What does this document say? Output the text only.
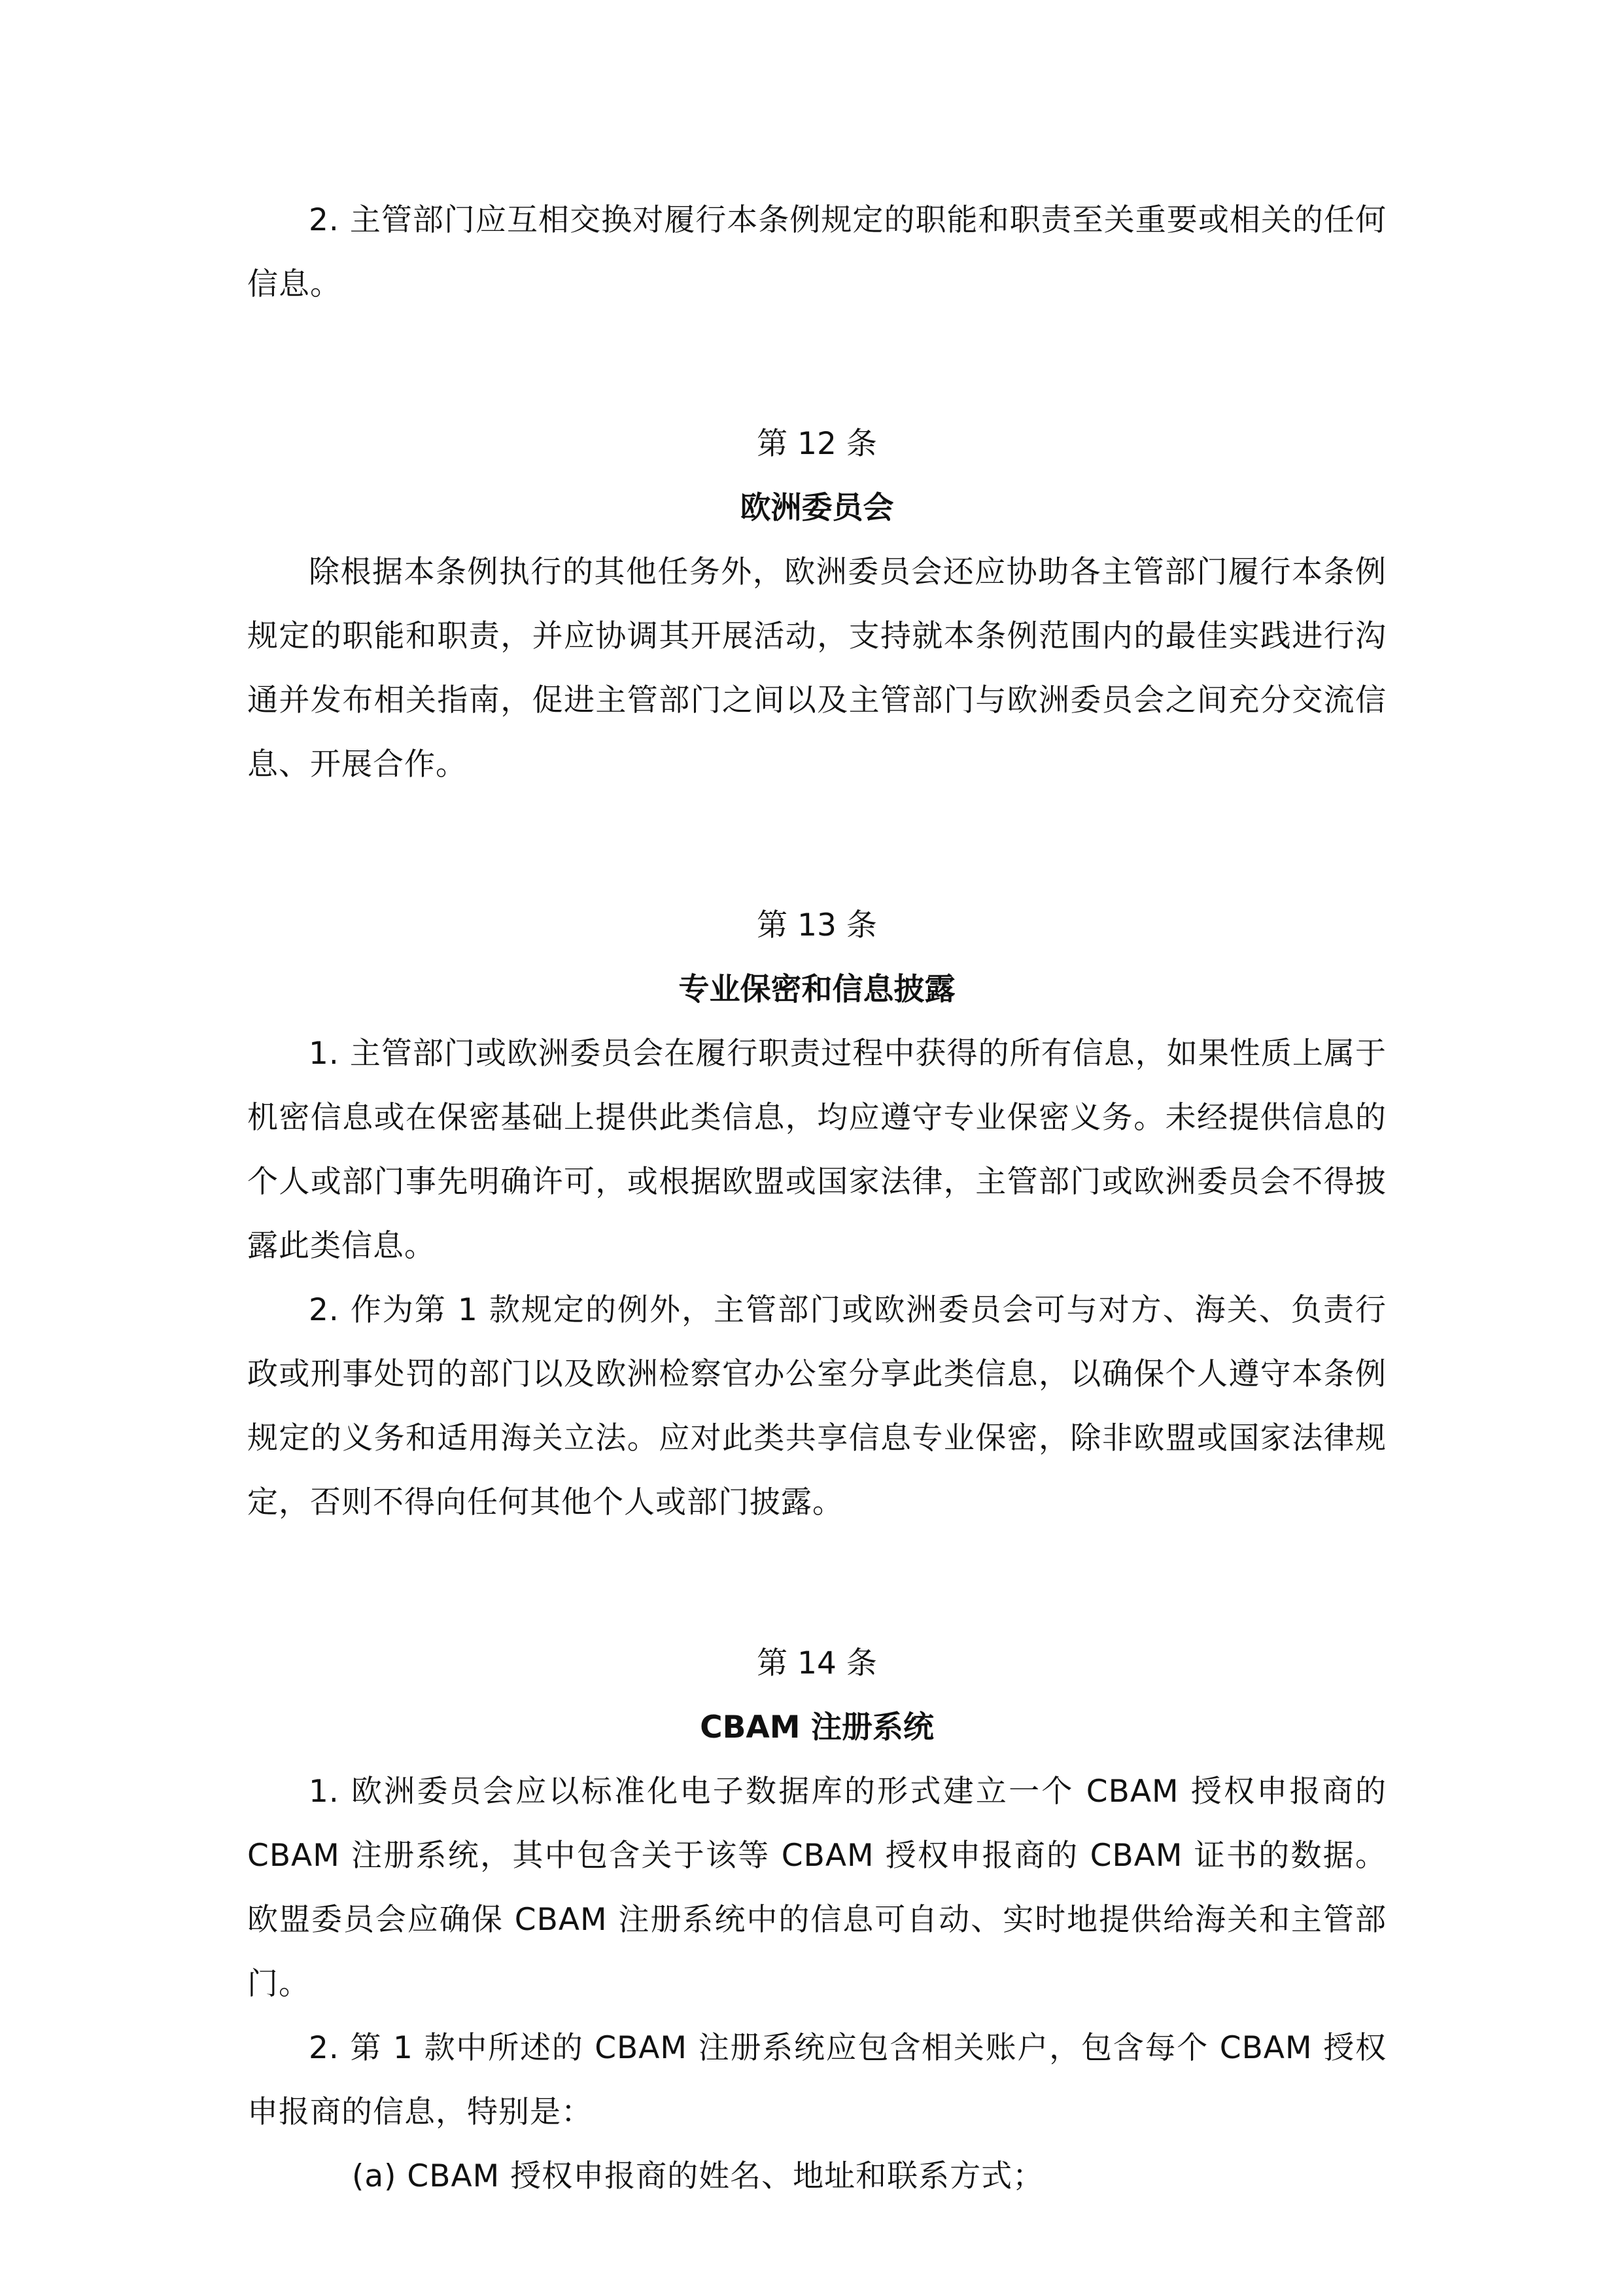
2. 主管部门应互相交换对履行本条例规定的职能和职责至关重要或相关的任何信息。

第 12 条
欧洲委员会

除根据本条例执行的其他任务外，欧洲委员会还应协助各主管部门履行本条例规定的职能和职责，并应协调其开展活动，支持就本条例范围内的最佳实践进行沟通并发布相关指南，促进主管部门之间以及主管部门与欧洲委员会之间充分交流信息、开展合作。

第 13 条
专业保密和信息披露

1. 主管部门或欧洲委员会在履行职责过程中获得的所有信息，如果性质上属于机密信息或在保密基础上提供此类信息，均应遵守专业保密义务。未经提供信息的个人或部门事先明确许可，或根据欧盟或国家法律，主管部门或欧洲委员会不得披露此类信息。

2. 作为第 1 款规定的例外，主管部门或欧洲委员会可与对方、海关、负责行政或刑事处罚的部门以及欧洲检察官办公室分享此类信息，以确保个人遵守本条例规定的义务和适用海关立法。应对此类共享信息专业保密，除非欧盟或国家法律规定，否则不得向任何其他个人或部门披露。

第 14 条
CBAM 注册系统

1. 欧洲委员会应以标准化电子数据库的形式建立一个 CBAM 授权申报商的 CBAM 注册系统，其中包含关于该等 CBAM 授权申报商的 CBAM 证书的数据。欧盟委员会应确保 CBAM 注册系统中的信息可自动、实时地提供给海关和主管部门。

2. 第 1 款中所述的 CBAM 注册系统应包含相关账户，包含每个 CBAM 授权申报商的信息，特别是：

(a) CBAM 授权申报商的姓名、地址和联系方式；
